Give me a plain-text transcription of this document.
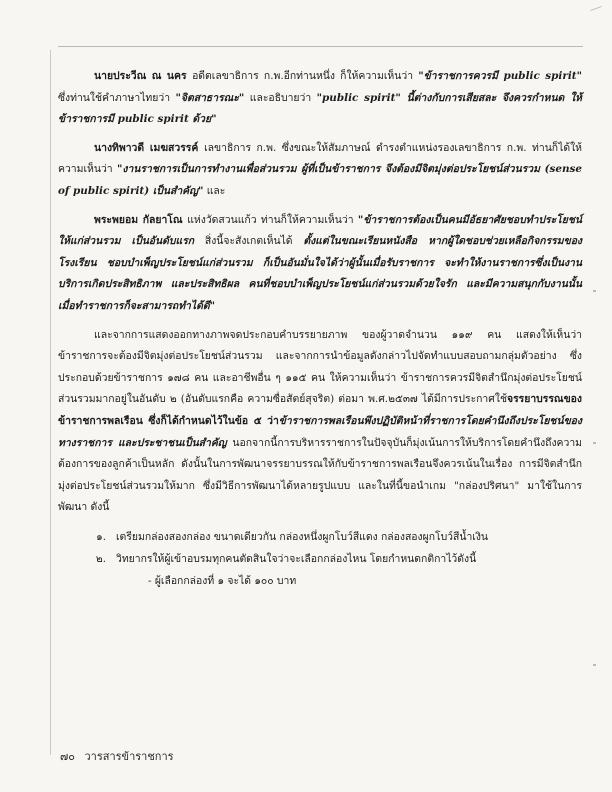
นายประวีณ ณ นคร อดีตเลขาธิการ ก.พ.อีกท่านหนึ่ง ก็ให้ความเห็นว่า "ข้าราชการควรมี public spirit" ซึ่งท่านใช้คำภาษาไทยว่า "จิตสาธารณะ" และอธิบายว่า "public spirit" นี้ต่างกับการเสียสละ จึงควรกำหนด ให้ข้าราชการมี public spirit ด้วย"

นางทิพาวดี เมฆสวรรค์ เลขาธิการ ก.พ. ซึ่งขณะให้สัมภาษณ์ ดำรงตำแหน่งรองเลขาธิการ ก.พ. ท่านก็ได้ให้ความเห็นว่า "งานราชการเป็นการทำงานเพื่อส่วนรวม ผู้ที่เป็นข้าราชการ จึงต้องมีจิตมุ่งต่อประโยชน์ส่วนรวม (sense of public spirit) เป็นสำคัญ" และ

พระพยอม กัลยาโณ แห่งวัดสวนแก้ว ท่านก็ให้ความเห็นว่า "ข้าราชการต้องเป็นคนมีอัธยาศัยชอบทำประโยชน์ให้แก่ส่วนรวม เป็นอันดับแรก สิ่งนี้จะสังเกตเห็นได้ ตั้งแต่ในขณะเรียนหนังสือ หากผู้ใดชอบช่วยเหลือกิจกรรมของโรงเรียน ชอบบำเพ็ญประโยชน์แก่ส่วนรวม ก็เป็นอันมั่นใจได้ว่าผู้นั้นเมื่อรับราชการ จะทำให้งานราชการซึ่งเป็นงานบริการเกิดประสิทธิภาพ และประสิทธิผล คนที่ชอบบำเพ็ญประโยชน์แก่ส่วนรวมด้วยใจรัก และมีความสนุกกับงานนั้น เมื่อทำราชการก็จะสามารถทำได้ดี"

และจากการแสดงออกทางภาพจดประกอบคำบรรยายภาพ ของผู้วาดจำนวน ๑๑๙ คน แสดงให้เห็นว่า ข้าราชการจะต้องมีจิตมุ่งต่อประโยชน์ส่วนรวม และจากการนำข้อมูลดังกล่าวไปจัดทำแบบสอบถามกลุ่มตัวอย่าง ซึ่งประกอบด้วยข้าราชการ ๑๗๘ คน และอาชีพอื่น ๆ ๑๑๕ คน ให้ความเห็นว่า ข้าราชการควรมีจิตสำนึกมุ่งต่อประโยชน์ส่วนรวมมากอยู่ในอันดับ ๒ (อันดับแรกคือ ความซื่อสัตย์สุจริต) ต่อมา พ.ศ.๒๕๓๗ ได้มีการประกาศใช้จรรยาบรรณของข้าราชการพลเรือน ซึ่งก็ได้กำหนดไว้ในข้อ ๕ ว่าข้าราชการพลเรือนพึงปฏิบัติหน้าที่ราชการโดยคำนึงถึงประโยชน์ของทางราชการ และประชาชนเป็นสำคัญ นอกจากนี้การบริหารราชการในปัจจุบันก็มุ่งเน้นการให้บริการโดยคำนึงถึงความต้องการของลูกค้าเป็นหลัก ดังนั้นในการพัฒนาจรรยาบรรณให้กับข้าราชการพลเรือนจึงควรเน้นในเรื่อง การมีจิตสำนึกมุ่งต่อประโยชน์ส่วนรวมให้มาก ซึ่งมีวิธีการพัฒนาได้หลายรูปแบบ และในที่นี้ขอนำเกม "กล่องปริศนา" มาใช้ในการพัฒนา ดังนี้

๑. เตรียมกล่องสองกล่อง ขนาดเดียวกัน กล่องหนึ่งผูกโบว์สีแดง กล่องสองผูกโบว์สีน้ำเงิน
๒. วิทยากรให้ผู้เข้าอบรมทุกคนตัดสินใจว่าจะเลือกกล่องไหน โดยกำหนดกติกาไว้ดังนี้
- ผู้เลือกกล่องที่ ๑ จะได้ ๑๐๐ บาท
๗๐ วารสารข้าราชการ
